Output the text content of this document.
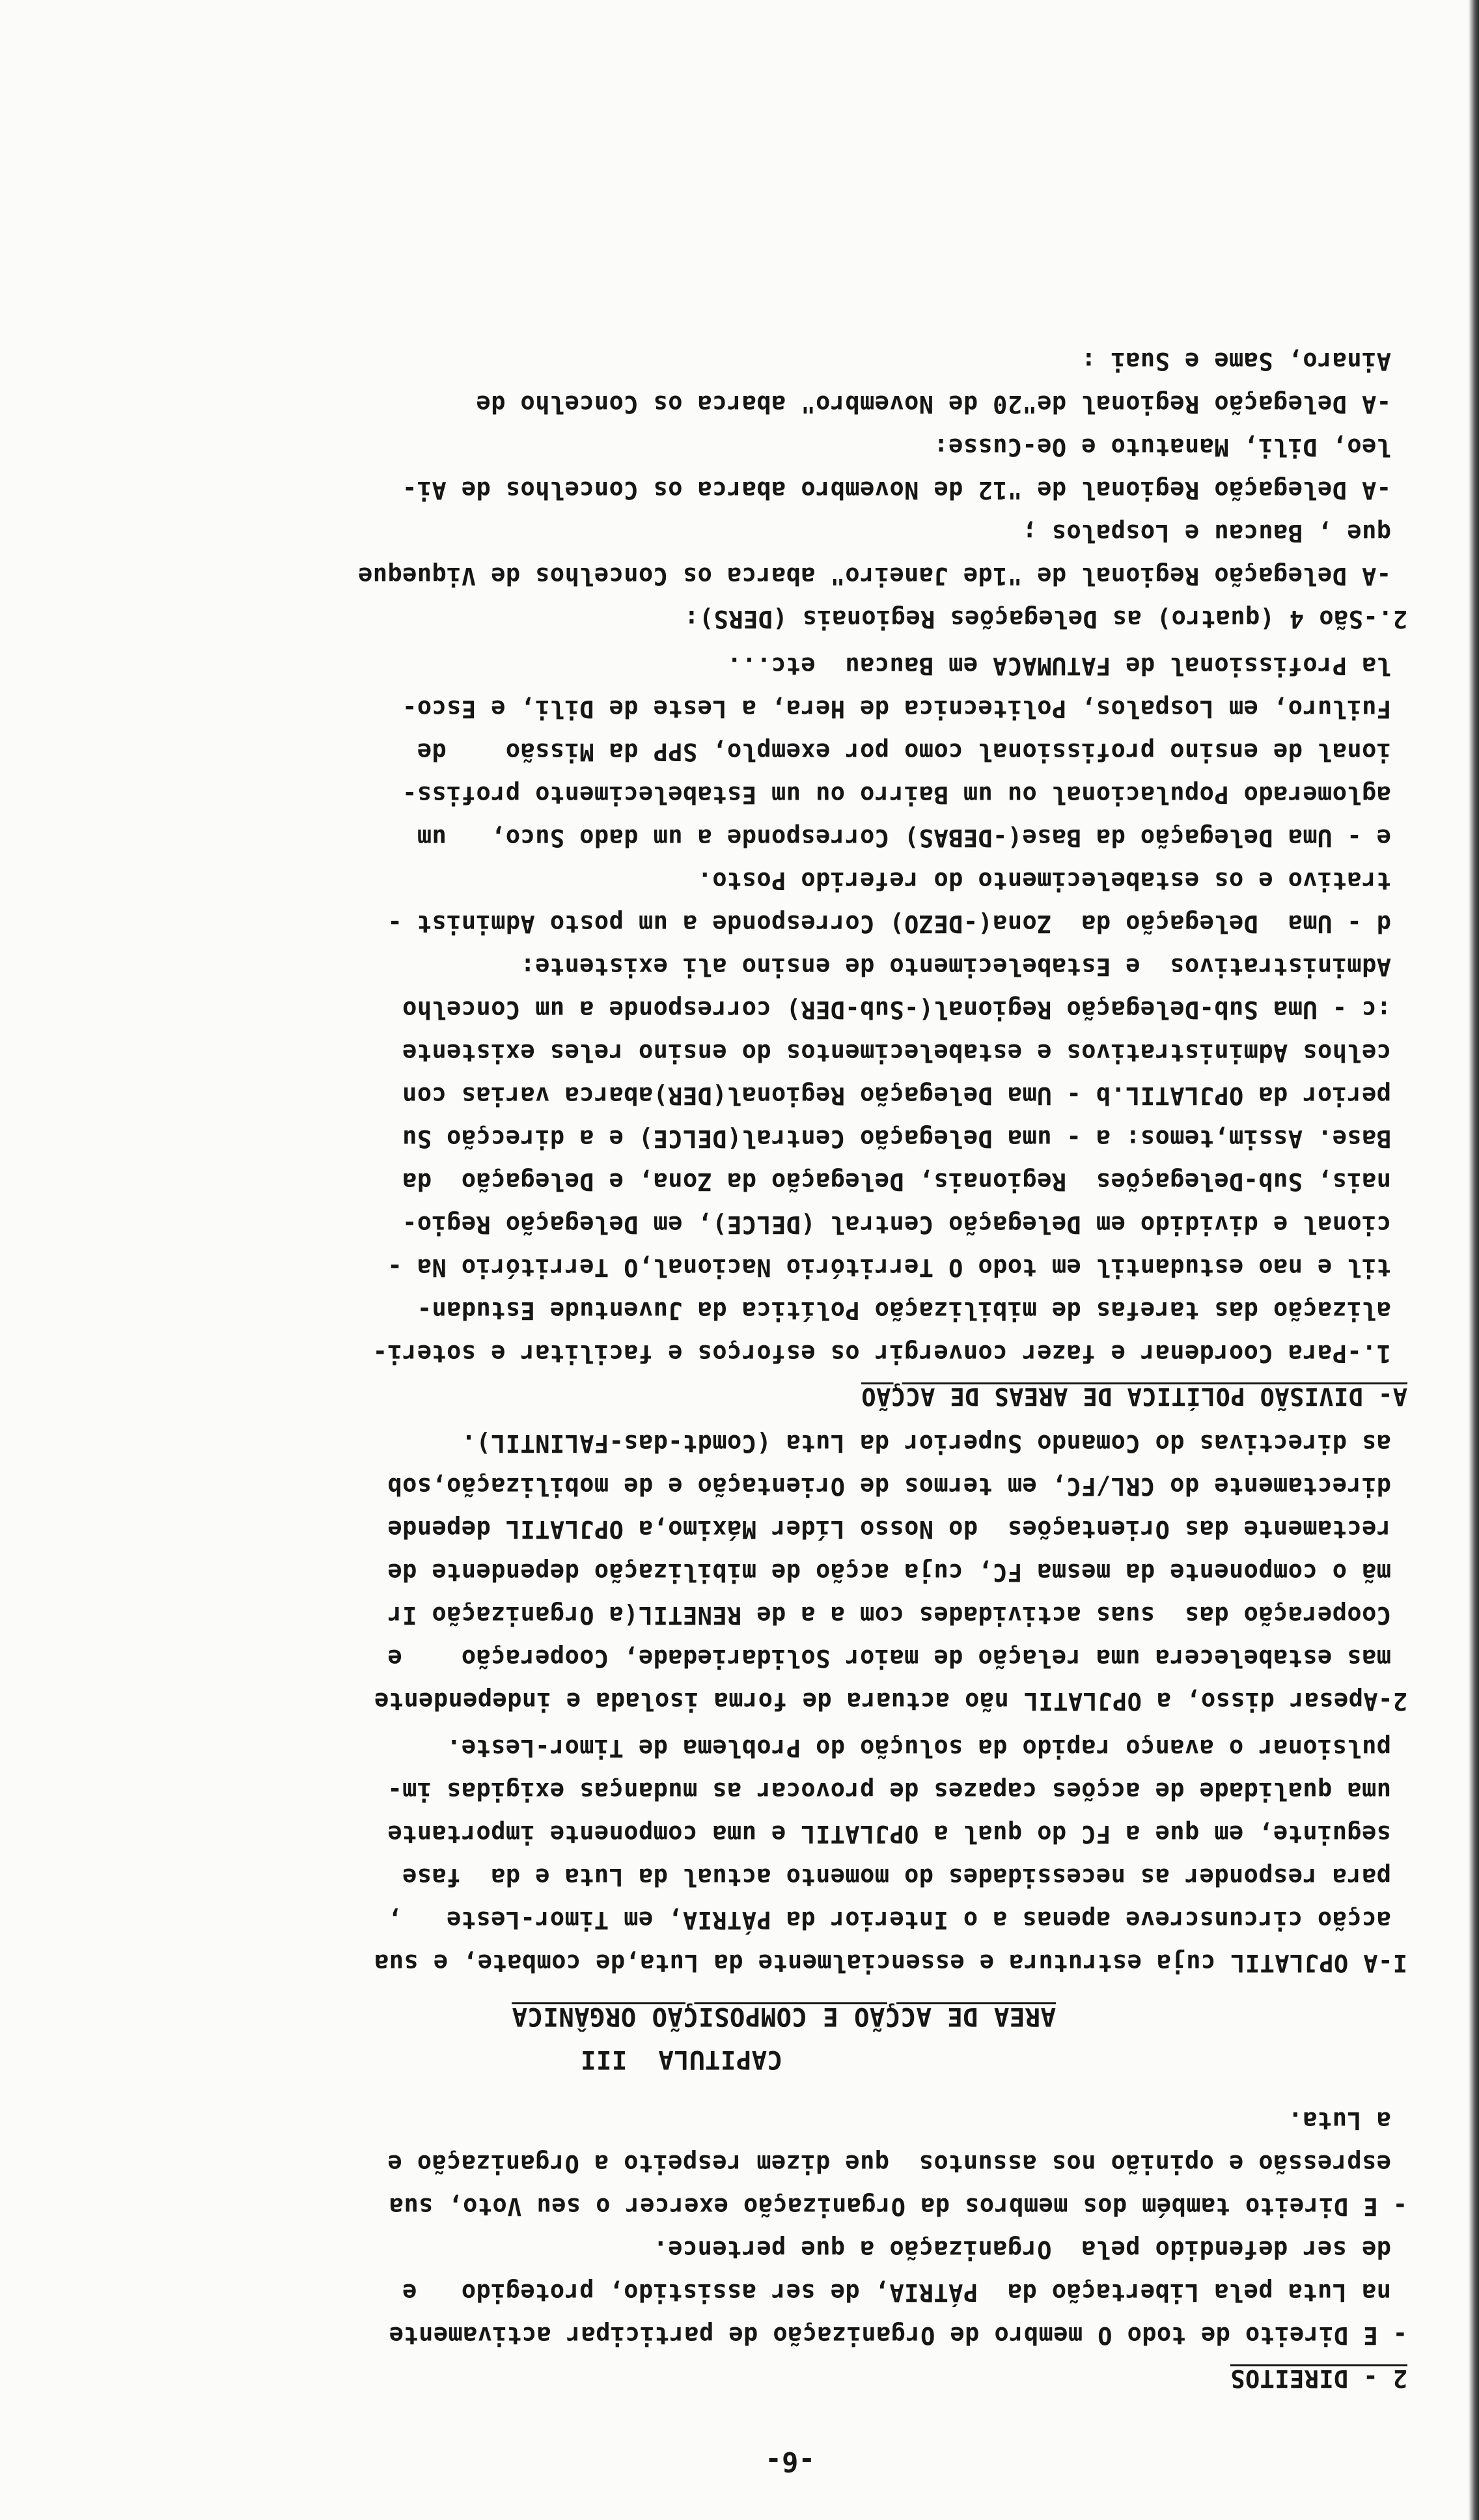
-6-
2 - DIREITOS
- E Direito de todo O membro de Organização de participar activamente
na Luta pela Libertação da  PÁTRIA, de ser assistido, protegido   e
de ser defendido pela  Organização a que pertence.
- E Direito também dos membros da Organização exercer o seu Voto, sua
espressão e opinião nos assuntos  que dizem respeito a Organização e
a Luta.
CAPITULA  III
AREA DE ACÇÃO E COMPOSIÇÃO ORGÂNICA
I-A OPJLATIL cuja estrutura e essencialmente da Luta,de combate, e sua
acção circunscreve apenas a o Interior da PÁTRIA, em Timor-Leste   ,
para responder as necessidades do momento actual da Luta e da  fase
seguinte, em que a FC do qual a OPJLATIL e uma componente importante
uma qualidade de acções capazes de provocar as mudanças exigidas im-
pulsionar o avanço rapido da solução do Problema de Timor-Leste.
2-Apesar disso, a OPJLATIL não actuara de forma isolada e independente
mas estabelecera uma relação de maior Solidariedade, Cooperação    e
Cooperação das  suas actividades com a a de RENETIL(a Organização Ir
mã o componente da mesma FC, cuja acção de mibilização dependente de
rectamente das Orientações  do Nosso Líder Máximo,a OPJLATIL depende
directamente do CRL/FC, em termos de Orientação e de mobilização,sob
as directivas do Comando Superior da Luta (Comdt-das-FALINTIL).
A- DIVISÃO POLÍTICA DE AREAS DE ACÇÃO
1.-Para Coordenar e fazer convergir os esforços e facilitar e soteri-
alização das tarefas de mibilização Política da Juventude Estudan-
til e nao estudantil em todo O Território Nacional,O Território Na -
cional e dividido em Delegação Central (DELCE), em Delegação Regio-
nais, Sub-Delegações  Regionais, Delegação da Zona, e Delegação  da
Base. Assim,temos: a - uma Delegação Central(DELCE) e a direcção Su
perior da OPJLATIL.b - Uma Delegação Regional(DER)abarca varias con
celhos Administrativos e estabelecimentos do ensino reles existente
:c - Uma Sub-Delegação Regional(-Sub-DER) corresponde a um Concelho
Administrativos  e Estabelecimento de ensino ali existente:
d - Uma  Delegação da  Zona(-DEZO) Corresponde a um posto Administ -
trativo e os estabelecimento do referido Posto.
e - Uma Delegação da Base(-DEBAS) Corresponde a um dado Suco,   um
aglomerado Populacional ou um Bairro ou um Estabelecimento profiss-
ional de ensino profissional como por exemplo, SPP da Missão    de
Fuiluro, em Lospalos, Politecnica de Hera, a Leste de Dili, e Esco-
la Profissional de FATUMACA em Baucau  etc...
2.-São 4 (quatro) as Delegações Regionais (DERS):
-A Delegação Regional de "1de Janeiro" abarca os Concelhos de Viqueque
que , Baucau e Lospalos ;
-A Delegação Regional de "12 de Novembro abarca os Concelhos de Ai-
leo, Dili, Manatuto e Oe-Cusse:
-A Delegação Regional de"20 de Novembro" abarca os Concelho de
Ainaro, Same e Suai :
